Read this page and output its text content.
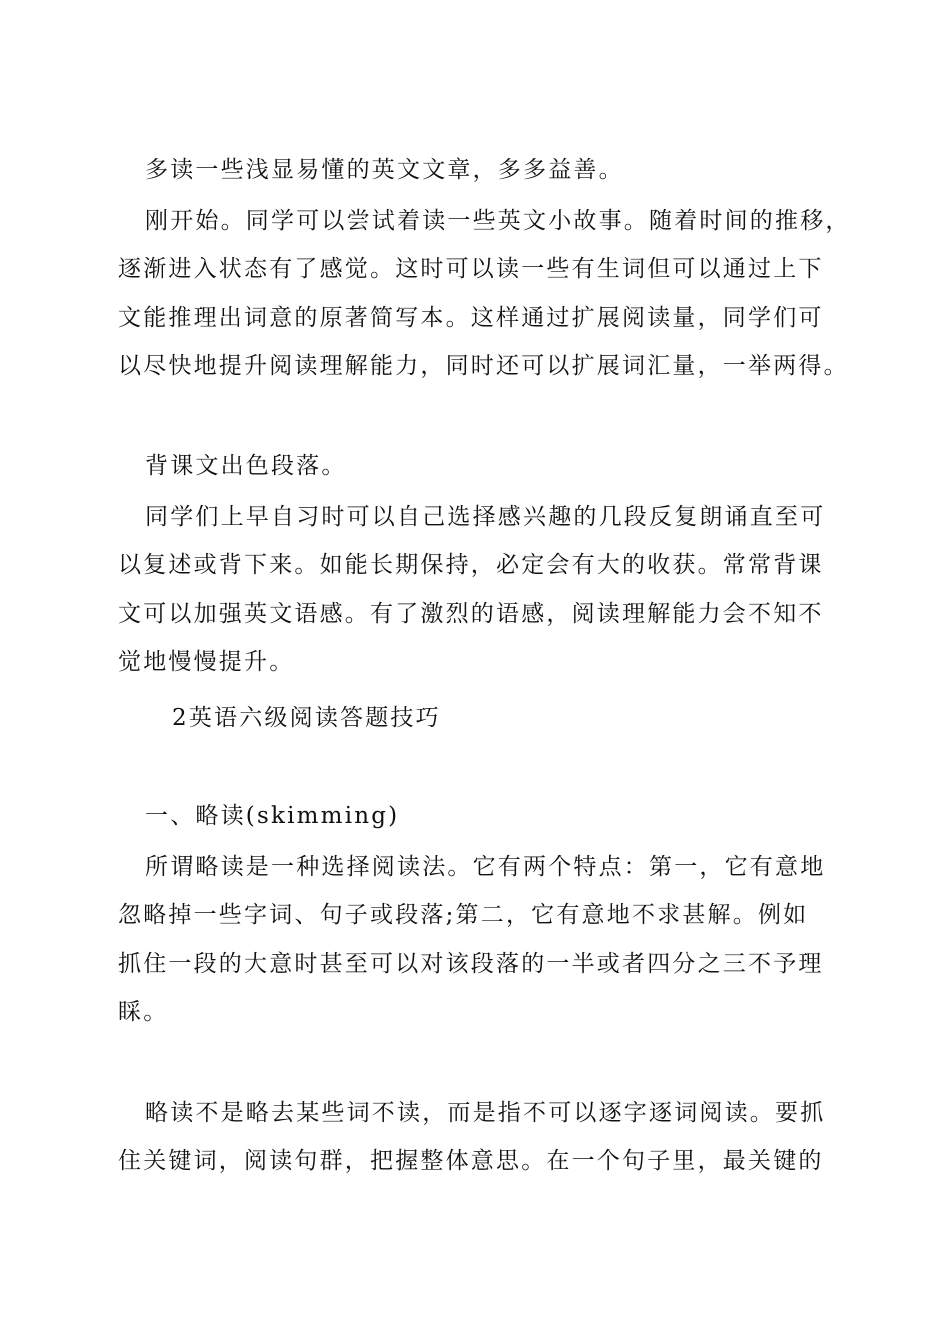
多读一些浅显易懂的英文文章，多多益善。
刚开始。同学可以尝试着读一些英文小故事。随着时间的推移，
逐渐进入状态有了感觉。这时可以读一些有生词但可以通过上下
文能推理出词意的原著简写本。这样通过扩展阅读量，同学们可
以尽快地提升阅读理解能力，同时还可以扩展词汇量，一举两得。
背课文出色段落。
同学们上早自习时可以自己选择感兴趣的几段反复朗诵直至可
以复述或背下来。如能长期保持，必定会有大的收获。常常背课
文可以加强英文语感。有了激烈的语感，阅读理解能力会不知不
觉地慢慢提升。
2英语六级阅读答题技巧
一、略读(skimming)
所谓略读是一种选择阅读法。它有两个特点：第一，它有意地
忽略掉一些字词、句子或段落;第二，它有意地不求甚解。例如
抓住一段的大意时甚至可以对该段落的一半或者四分之三不予理
睬。
略读不是略去某些词不读，而是指不可以逐字逐词阅读。要抓
住关键词，阅读句群，把握整体意思。在一个句子里，最关键的
